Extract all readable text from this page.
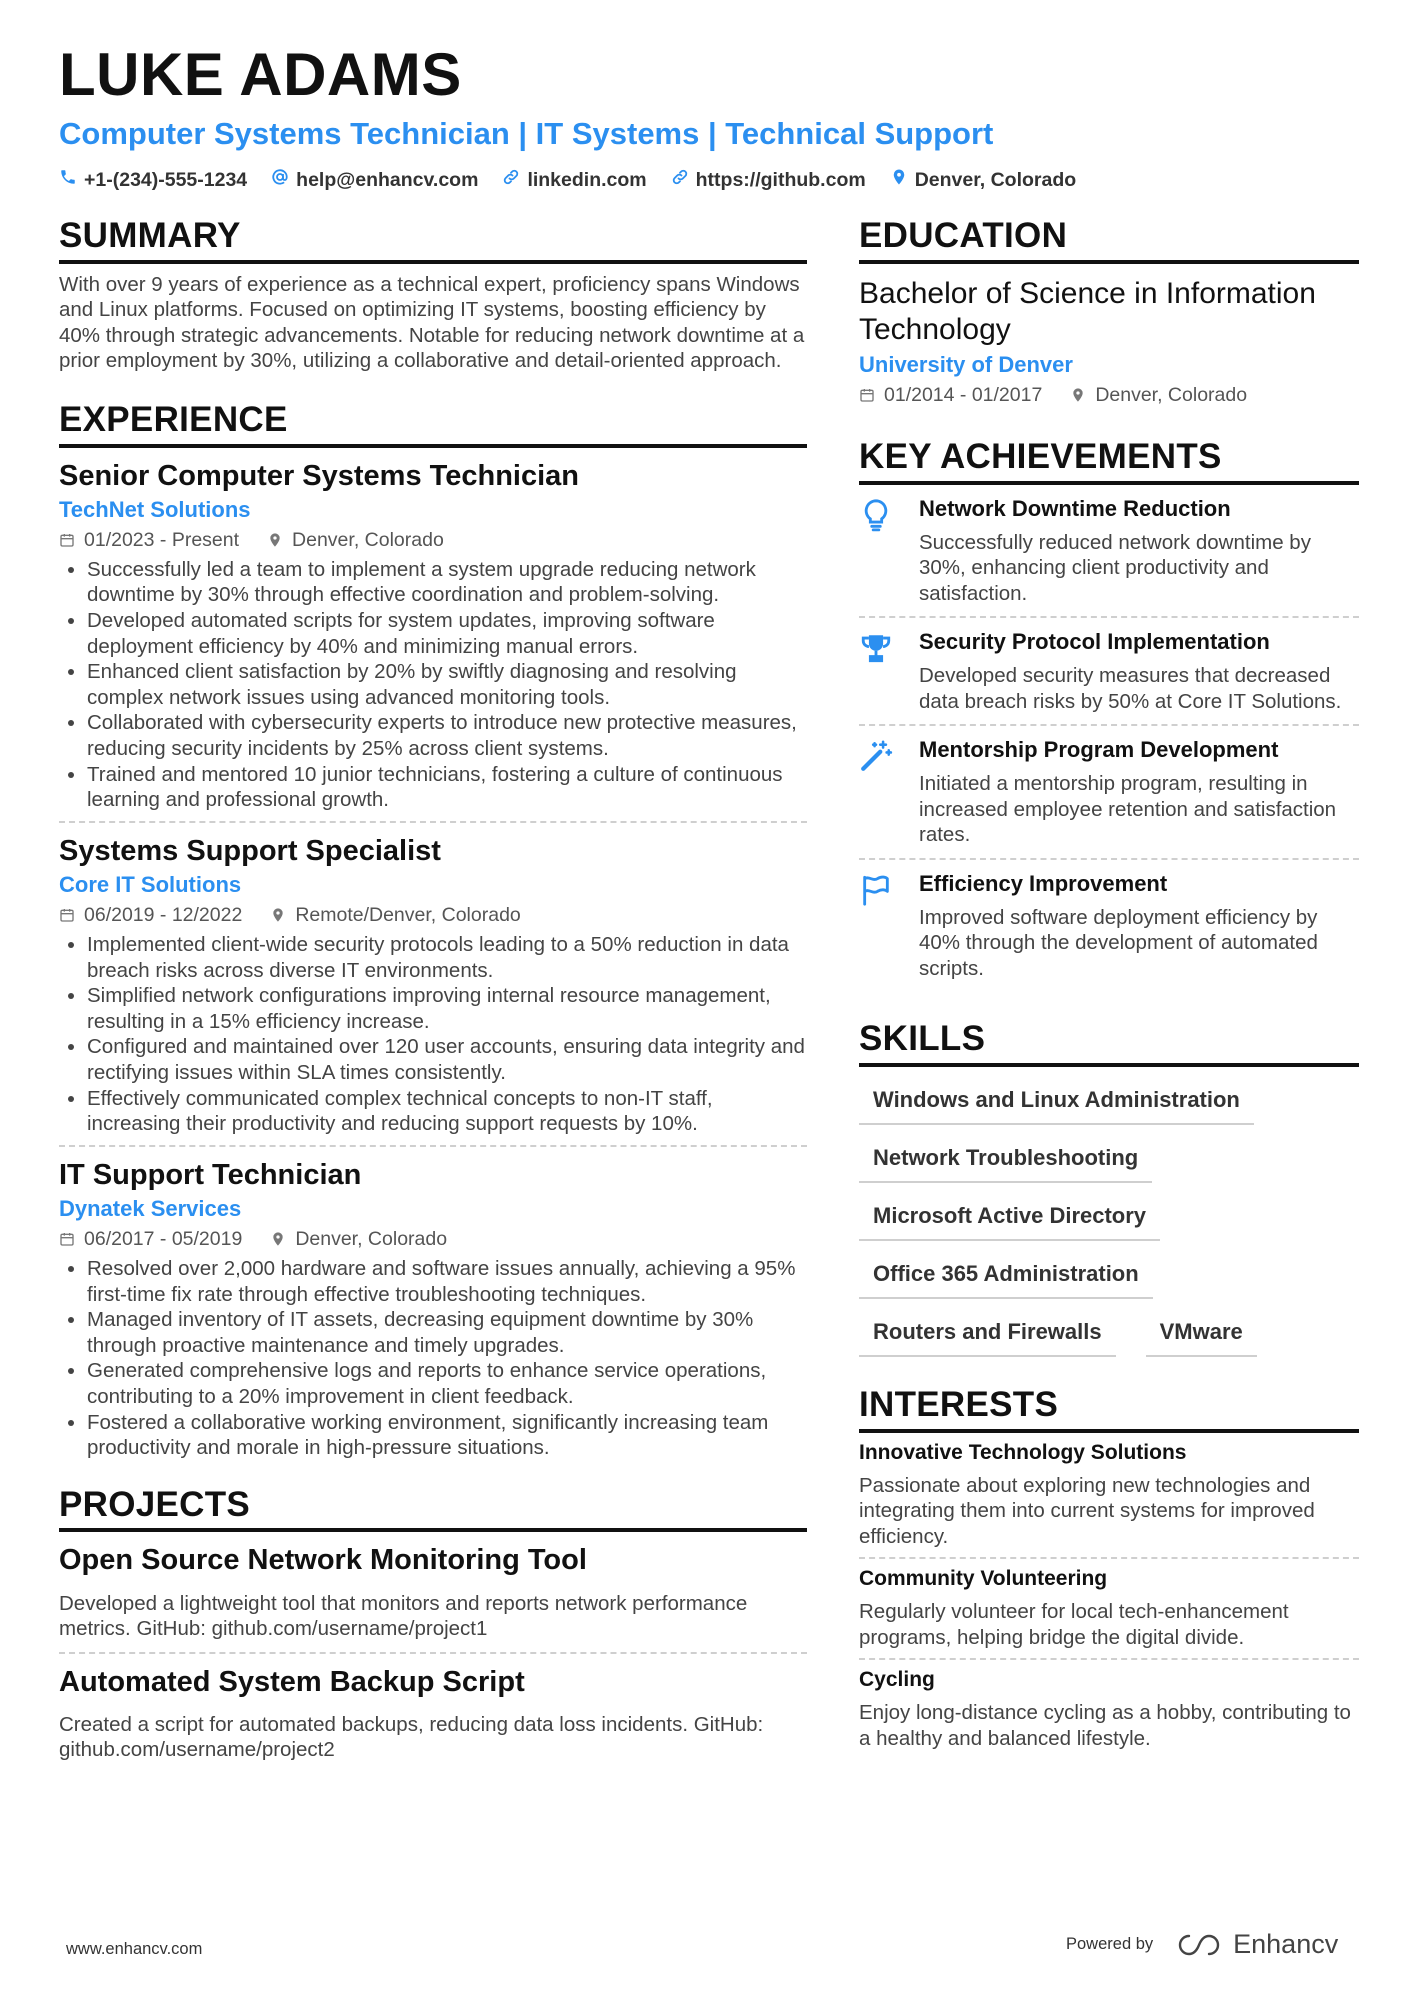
LUKE ADAMS
Computer Systems Technician | IT Systems | Technical Support
+1-(234)-555-1234	help@enhancv.com	linkedin.com	https://github.com	Denver, Colorado
SUMMARY

With over 9 years of experience as a technical expert, proficiency spans Windows and Linux platforms. Focused on optimizing IT systems, boosting efficiency by 40% through strategic advancements. Notable for reducing network downtime at a prior employment by 30%, utilizing a collaborative and detail-oriented approach.

EXPERIENCE
Senior Computer Systems Technician
TechNet Solutions
01/2023 - Present	Denver, Colorado
• Successfully led a team to implement a system upgrade reducing network downtime by 30% through effective coordination and problem-solving.
• Developed automated scripts for system updates, improving software deployment efficiency by 40% and minimizing manual errors.
• Enhanced client satisfaction by 20% by swiftly diagnosing and resolving complex network issues using advanced monitoring tools.
• Collaborated with cybersecurity experts to introduce new protective measures, reducing security incidents by 25% across client systems.
• Trained and mentored 10 junior technicians, fostering a culture of continuous learning and professional growth.
Systems Support Specialist
Core IT Solutions
06/2019 - 12/2022	Remote/Denver, Colorado
• Implemented client-wide security protocols leading to a 50% reduction in data breach risks across diverse IT environments.
• Simplified network configurations improving internal resource management, resulting in a 15% efficiency increase.
• Configured and maintained over 120 user accounts, ensuring data integrity and rectifying issues within SLA times consistently.
• Effectively communicated complex technical concepts to non-IT staff, increasing their productivity and reducing support requests by 10%.
IT Support Technician
Dynatek Services
06/2017 - 05/2019	Denver, Colorado
• Resolved over 2,000 hardware and software issues annually, achieving a 95% first-time fix rate through effective troubleshooting techniques.
• Managed inventory of IT assets, decreasing equipment downtime by 30% through proactive maintenance and timely upgrades.
• Generated comprehensive logs and reports to enhance service operations, contributing to a 20% improvement in client feedback.
• Fostered a collaborative working environment, significantly increasing team productivity and morale in high-pressure situations.
PROJECTS
Open Source Network Monitoring Tool
Developed a lightweight tool that monitors and reports network performance metrics. GitHub: github.com/username/project1
Automated System Backup Script
Created a script for automated backups, reducing data loss incidents. GitHub: github.com/username/project2
EDUCATION
Bachelor of Science in Information Technology
University of Denver
01/2014 - 01/2017	Denver, Colorado
KEY ACHIEVEMENTS
Network Downtime Reduction
Successfully reduced network downtime by 30%, enhancing client productivity and satisfaction.
Security Protocol Implementation
Developed security measures that decreased data breach risks by 50% at Core IT Solutions.
Mentorship Program Development
Initiated a mentorship program, resulting in increased employee retention and satisfaction rates.
Efficiency Improvement
Improved software deployment efficiency by 40% through the development of automated scripts.
SKILLS
Windows and Linux Administration
Network Troubleshooting
Microsoft Active Directory
Office 365 Administration
Routers and Firewalls	VMware
INTERESTS
Innovative Technology Solutions
Passionate about exploring new technologies and integrating them into current systems for improved efficiency.
Community Volunteering
Regularly volunteer for local tech-enhancement programs, helping bridge the digital divide.
Cycling
Enjoy long-distance cycling as a hobby, contributing to a healthy and balanced lifestyle.
www.enhancv.com	Powered by	Enhancv
